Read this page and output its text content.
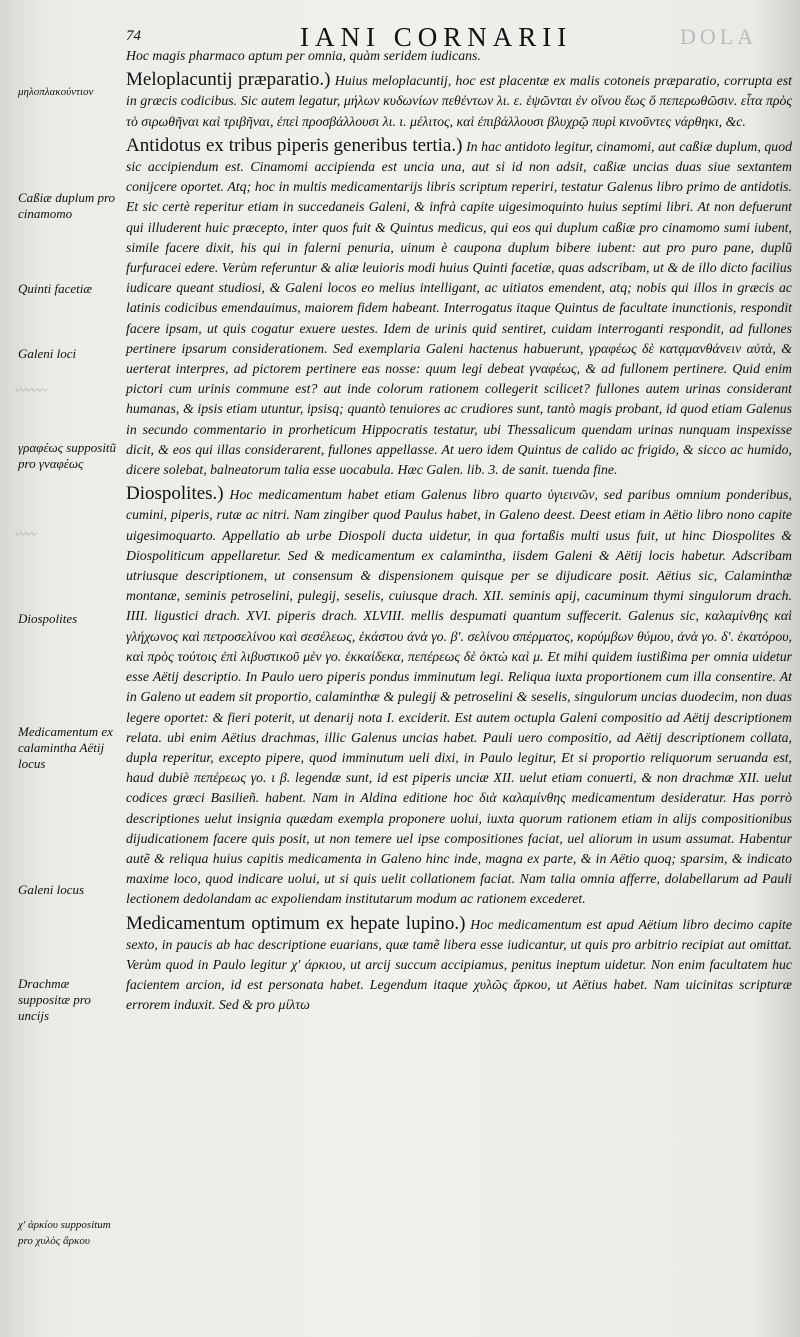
74	IANI CORNARII	DOLA
〰〰〰
〰〰

Hoc magis pharmaco aptum per omnia, quàm seridem iudicans.

Meloplacuntij præparatio.) Huius meloplacuntij, hoc est placentæ ex malis cotoneis præparatio, corrupta est in græcis codicibus. Sic autem legatur, μήλων κυδωνίων πεθέντων λι. ε. ἑψῶνται ἐν οἴνου ἕως ὅ πεπερωθῶσιν. εἶτα πρὸς τὸ σιρωθῆναι καὶ τριβῆναι, ἐπεὶ προσβάλλουσι λι. ι. μέλιτος, καὶ ἐπιβάλλουσι βλυχρῷ πυρὶ κινοῦντες νάρθηκι, &c.

Antidotus ex tribus piperis generibus tertia.) In hac antidoto legitur, cinamomi, aut caßiæ duplum, quod sic accipiendum est. Cinamomi accipienda est uncia una, aut si id non adsit, caßiæ uncias duas siue sextantem conijcere oportet. Atq; hoc in multis medicamentarijs libris scriptum reperiri, testatur Galenus libro primo de antidotis. Et sic certè reperitur etiam in succedaneis Galeni, & infrà capite uigesimoquinto huius septimi libri. At non defuerunt qui illuderent huic præcepto, inter quos fuit & Quintus medicus, qui eos qui duplum caßiæ pro cinamomo sumi iubent, simile facere dixit, his qui in falerni penuria, uinum è caupona duplum bibere iubent: aut pro puro pane, duplũ furfuracei edere. Verùm referuntur & aliæ leuioris modi huius Quinti facetiæ, quas adscribam, ut & de illo dicto facilius iudicare queant studiosi, & Galeni locos eo melius intelligant, ac uitiatos emendent, atq; nobis qui illos in græcis ac latinis codicibus emendauimus, maiorem fidem habeant. Interrogatus itaque Quintus de facultate inunctionis, respondit facere ipsam, ut quis cogatur exuere uestes. Idem de urinis quid sentiret, cuidam interroganti respondit, ad fullones pertinere ipsarum considerationem. Sed exemplaria Galeni hactenus habuerunt, γραφέως δὲ κατᾳμανθάνειν αὐτὰ, & uerterat interpres, ad pictorem pertinere eas nosse: quum legi debeat γναφέως, & ad fullonem pertinere. Quid enim pictori cum urinis commune est? aut inde colorum rationem collegerit scilicet? fullones autem urinas considerant humanas, & ipsis etiam utuntur, ipsisq; quantò tenuiores ac crudiores sunt, tantò magis probant, id quod etiam Galenus in secundo commentario in prorheticum Hippocratis testatur, ubi Thessalicum quendam urinas nunquam inspexisse dicit, & eos qui illas considerarent, fullones appellasse. At uero idem Quintus de calido ac frigido, & sicco ac humido, dicere solebat, balneatorum talia esse uocabula. Hæc Galen. lib. 3. de sanit. tuenda fine.

Diospolites.) Hoc medicamentum habet etiam Galenus libro quarto ὑγιεινῶν, sed paribus omnium ponderibus, cumini, piperis, rutæ ac nitri. Nam zingiber quod Paulus habet, in Galeno deest. Deest etiam in Aëtio libro nono capite uigesimoquarto. Appellatio ab urbe Diospoli ducta uidetur, in qua fortaßis multi usus fuit, ut hinc Diospolites & Diospoliticum appellaretur. Sed & medicamentum ex calamintha, iisdem Galeni & Aëtij locis habetur. Adscribam utriusque descriptionem, ut consensum & dispensionem quisque per se dijudicare posit. Aëtius sic, Calaminthæ montanæ, seminis petroselini, pulegij, seselis, cuiusque drach. XII. seminis apij, cacuminum thymi singulorum drach. IIII. ligustici drach. XVI. piperis drach. XLVIII. mellis despumati quantum suffecerit. Galenus sic, καλαμίνθης καὶ γλήχωνος καὶ πετροσελίνου καὶ σεσέλεως, ἑκάστου ἀνὰ γο. β'. σελίνου σπέρματος, κορύμβων θύμου, ἀνὰ γο. δ'. ἑκατόρου, καὶ πρὸς τούτοις ἐπὶ λιβυστικοῦ μὲν γο. ἑκκαίδεκα, πεπέρεως δὲ ὀκτὼ καὶ μ. Et mihi quidem iustißima per omnia uidetur esse Aëtij descriptio. In Paulo uero piperis pondus imminutum legi. Reliqua iuxta proportionem cum illa consentire. At in Galeno ut eadem sit proportio, calaminthæ & pulegij & petroselini & seselis, singulorum uncias duodecim, non duas legere oportet: & fieri poterit, ut denarij nota I. exciderit. Est autem octupla Galeni compositio ad Aëtij descriptionem relata. ubi enim Aëtius drachmas, illic Galenus uncias habet. Pauli uero compositio, ad Aëtij descriptionem collata, dupla reperitur, excepto pipere, quod imminutum ueli dixi, in Paulo legitur, Et si proportio reliquorum seruanda est, haud dubiè πεπέρεως γο. ι β. legendæ sunt, id est piperis unciæ XII. uelut etiam conuerti, & non drachmæ XII. uelut codices græci Basilieñ. habent. Nam in Aldina editione hoc διὰ καλαμίνθης medicamentum desideratur. Has porrò descriptiones uelut insignia quædam exempla proponere uolui, iuxta quorum rationem etiam in alijs compositionibus dijudicationem facere quis posit, ut non temere uel ipse compositiones faciat, uel aliorum in usum assumat. Habentur autẽ & reliqua huius capitis medicamenta in Galeno hinc inde, magna ex parte, & in Aëtio quoq; sparsim, & indicato maxime loco, quod indicare uolui, ut si quis uelit collationem faciat. Nam talia omnia afferre, dolabellarum ad Pauli lectionem dedolandam ac expoliendam institutarum modum ac rationem excederet.

Medicamentum optimum ex hepate lupino.) Hoc medicamentum est apud Aëtium libro decimo capite sexto, in paucis ab hac descriptione euarians, quæ tamẽ libera esse iudicantur, ut quis pro arbitrio recipiat aut omittat. Verùm quod in Paulo legitur χ' άρκιου, ut arcij succum accipiamus, penitus ineptum uidetur. Non enim facultatem huc facientem arcion, id est personata habet. Legendum itaque χυλῶς ἄρκου, ut Aëtius habet. Nam uicinitas scripturæ errorem induxit. Sed & pro μίλτω

μηλοπλακούντιον
Caßiæ duplum pro cinamomo
Quinti facetiæ
Galeni loci
γραφέως suppositũ pro γναφέως
Diospolites
Medicamentum ex calamintha Aëtij locus
Galeni locus
Drachmæ suppositæ pro uncijs
χ' ἀρκίου suppositum pro χυλὸς ἄρκου
